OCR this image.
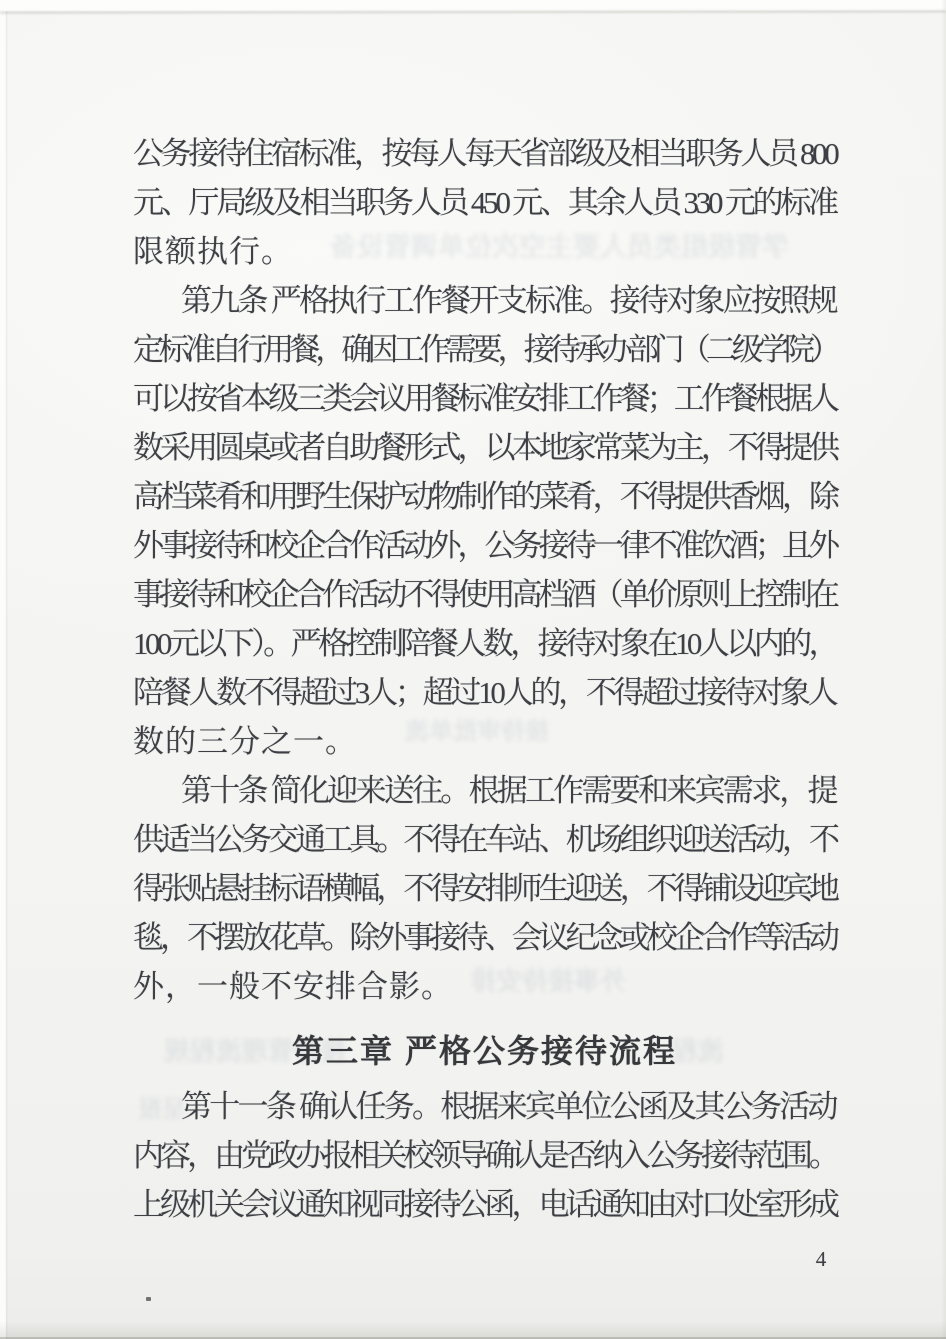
学管级组类员人要主空次位单调管设备
接待审批单流
外事接待安排
接待管理流程规	流程
呈报
公务接待住宿标准，按每人每天省部级及相当职务人员 800
元、厅局级及相当职务人员 450 元、其余人员 330 元的标准
限额执行。
第九条 严格执行工作餐开支标准。接待对象应按照规
定标准自行用餐，确因工作需要，接待承办部门（二级学院）
可以按省本级三类会议用餐标准安排工作餐；工作餐根据人
数采用圆桌或者自助餐形式，以本地家常菜为主，不得提供
高档菜肴和用野生保护动物制作的菜肴，不得提供香烟，除
外事接待和校企合作活动外，公务接待一律不准饮酒；且外
事接待和校企合作活动不得使用高档酒（单价原则上控制在
100元以下）。严格控制陪餐人数，接待对象在10人以内的，
陪餐人数不得超过3人；超过10人的，不得超过接待对象人
数的三分之一。
第十条 简化迎来送往。根据工作需要和来宾需求，提
供适当公务交通工具。不得在车站、机场组织迎送活动，不
得张贴悬挂标语横幅，不得安排师生迎送，不得铺设迎宾地
毯，不摆放花草。除外事接待、会议纪念或校企合作等活动
外，一般不安排合影。
第三章 严格公务接待流程
第十一条 确认任务。根据来宾单位公函及其公务活动
内容，由党政办报相关校领导确认是否纳入公务接待范围。
上级机关会议通知视同接待公函，电话通知由对口处室形成
4
